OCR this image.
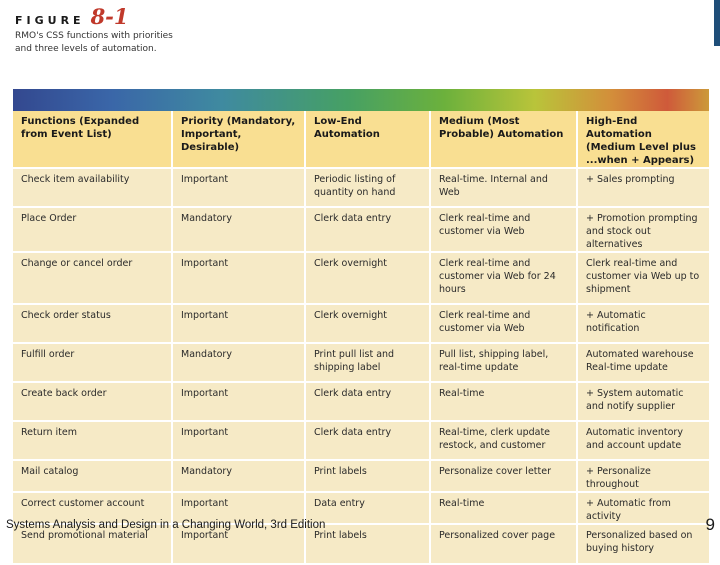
FIGURE 8-1
RMO's CSS functions with priorities and three levels of automation.
Functions (Expanded from Event List)	Priority (Mandatory, Important, Desirable)	Low-End Automation	Medium (Most Probable) Automation	High-End Automation (Medium Level plus ...when + Appears)
Check item availability	Important	Periodic listing of quantity on hand	Real-time. Internal and Web	+ Sales prompting
Place Order	Mandatory	Clerk data entry	Clerk real-time and customer via Web	+ Promotion prompting and stock out alternatives
Change or cancel order	Important	Clerk overnight	Clerk real-time and customer via Web for 24 hours	Clerk real-time and customer via Web up to shipment
Check order status	Important	Clerk overnight	Clerk real-time and customer via Web	+ Automatic notification
Fulfill order	Mandatory	Print pull list and shipping label	Pull list, shipping label, real-time update	Automated warehouse Real-time update
Create back order	Important	Clerk data entry	Real-time	+ System automatic and notify supplier
Return item	Important	Clerk data entry	Real-time, clerk update restock, and customer	Automatic inventory and account update
Mail catalog	Mandatory	Print labels	Personalize cover letter	+ Personalize throughout
Correct customer account	Important	Data entry	Real-time	+ Automatic from activity
Send promotional material	Important	Print labels	Personalized cover page	Personalized based on buying history
Systems Analysis and Design in a Changing World, 3rd Edition	9
